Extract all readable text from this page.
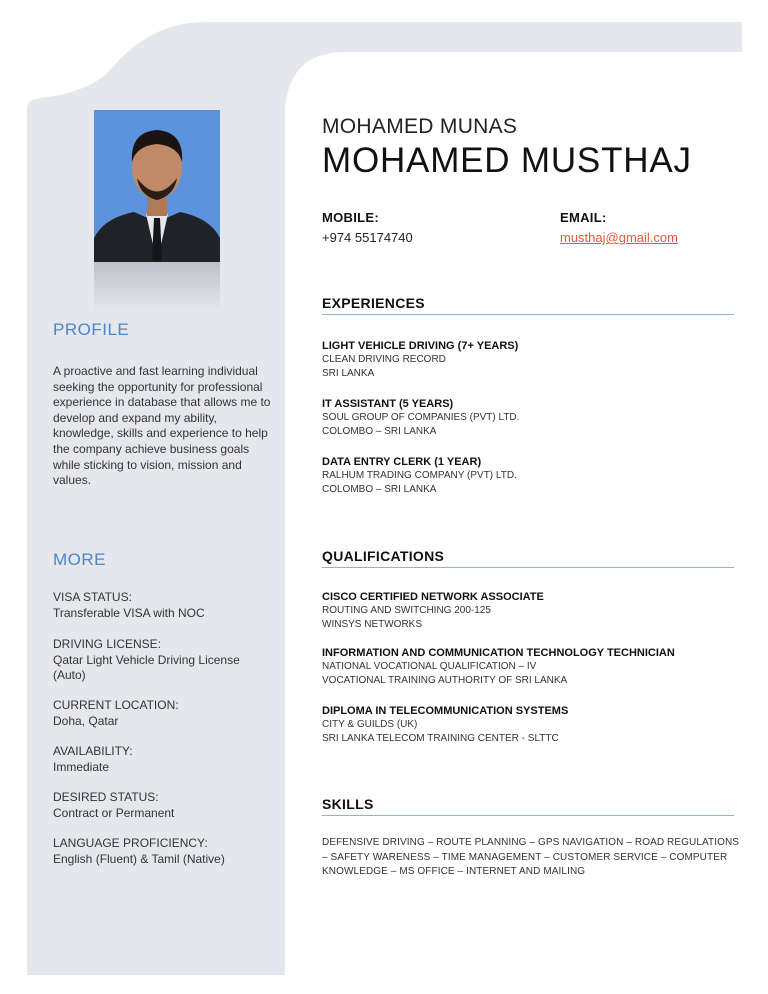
PROFILE

A proactive and fast learning individual seeking the opportunity for professional experience in database that allows me to develop and expand my ability, knowledge, skills and experience to help the company achieve business goals while sticking to vision, mission and values.

MORE
VISA STATUS:
Transferable VISA with NOC
DRIVING LICENSE:
Qatar Light Vehicle Driving License
(Auto)
CURRENT LOCATION:
Doha, Qatar
AVAILABILITY:
Immediate
DESIRED STATUS:
Contract or Permanent
LANGUAGE PROFICIENCY:
English (Fluent) & Tamil (Native)
MOHAMED MUNAS
MOHAMED MUSTHAJ
MOBILE:
+974 55174740
EMAIL:
musthaj@gmail.com
EXPERIENCES
LIGHT VEHICLE DRIVING (7+ YEARS)
CLEAN DRIVING RECORD
SRI LANKA
IT ASSISTANT (5 YEARS)
SOUL GROUP OF COMPANIES (PVT) LTD.
COLOMBO – SRI LANKA
DATA ENTRY CLERK (1 YEAR)
RALHUM TRADING COMPANY (PVT) LTD.
COLOMBO – SRI LANKA
QUALIFICATIONS
CISCO CERTIFIED NETWORK ASSOCIATE
ROUTING AND SWITCHING 200-125
WINSYS NETWORKS
INFORMATION AND COMMUNICATION TECHNOLOGY TECHNICIAN
NATIONAL VOCATIONAL QUALIFICATION – IV
VOCATIONAL TRAINING AUTHORITY OF SRI LANKA
DIPLOMA IN TELECOMMUNICATION SYSTEMS
CITY & GUILDS (UK)
SRI LANKA TELECOM TRAINING CENTER - SLTTC
SKILLS
DEFENSIVE DRIVING – ROUTE PLANNING – GPS NAVIGATION – ROAD REGULATIONS – SAFETY WARENESS – TIME MANAGEMENT – CUSTOMER SERVICE – COMPUTER KNOWLEDGE – MS OFFICE – INTERNET AND MAILING
